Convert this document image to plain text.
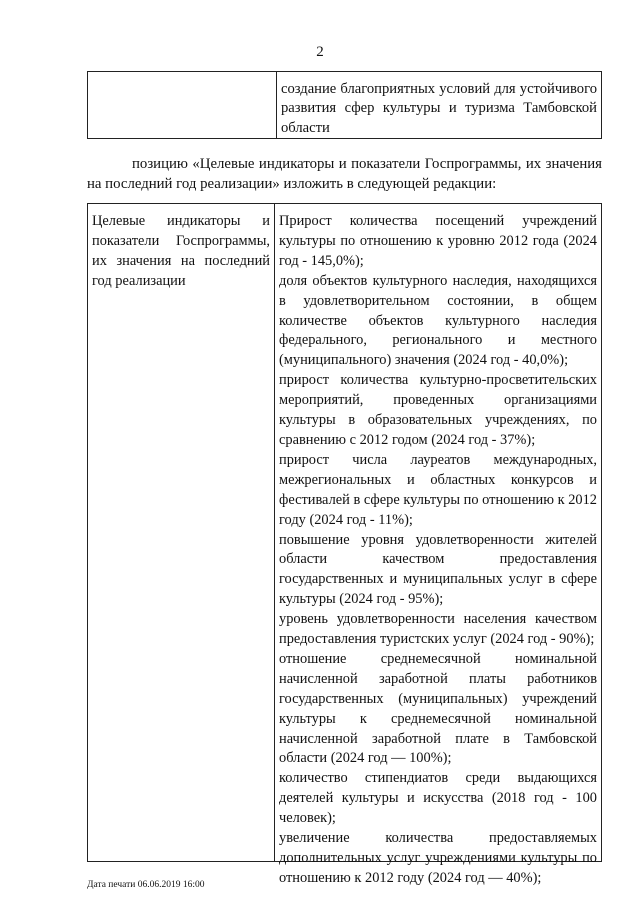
2

создание благоприятных условий для устойчивого развития сфер культуры и туризма Тамбовской области

позицию «Целевые индикаторы и показатели Госпрограммы, их значения на последний год реализации» изложить в следующей редакции:

Целевые индикаторы и показатели Госпрограммы, их значения на последний год реализации

Прирост количества посещений учреждений культуры по отношению к уровню 2012 года (2024 год - 145,0%);

доля объектов культурного наследия, находящихся в удовлетворительном состоянии, в общем количестве объектов культурного наследия федерального, регионального и местного (муниципального) значения (2024 год - 40,0%);

прирост количества культурно-просветительских мероприятий, проведенных организациями культуры в образовательных учреждениях, по сравнению с 2012 годом (2024 год - 37%);

прирост числа лауреатов международных, межрегиональных и областных конкурсов и фестивалей в сфере культуры по отношению к 2012 году (2024 год - 11%);

повышение уровня удовлетворенности жителей области качеством предоставления государственных и муниципальных услуг в сфере культуры (2024 год - 95%);

уровень удовлетворенности населения качеством предоставления туристских услуг (2024 год - 90%);

отношение среднемесячной номинальной начисленной заработной платы работников государственных (муниципальных) учреждений культуры к среднемесячной номинальной начисленной заработной плате в Тамбовской области (2024 год — 100%);

количество стипендиатов среди выдающихся деятелей культуры и искусства (2018 год - 100 человек);

увеличение количества предоставляемых дополнительных услуг учреждениями культуры по отношению к 2012 году (2024 год — 40%);

Дата печати 06.06.2019 16:00
